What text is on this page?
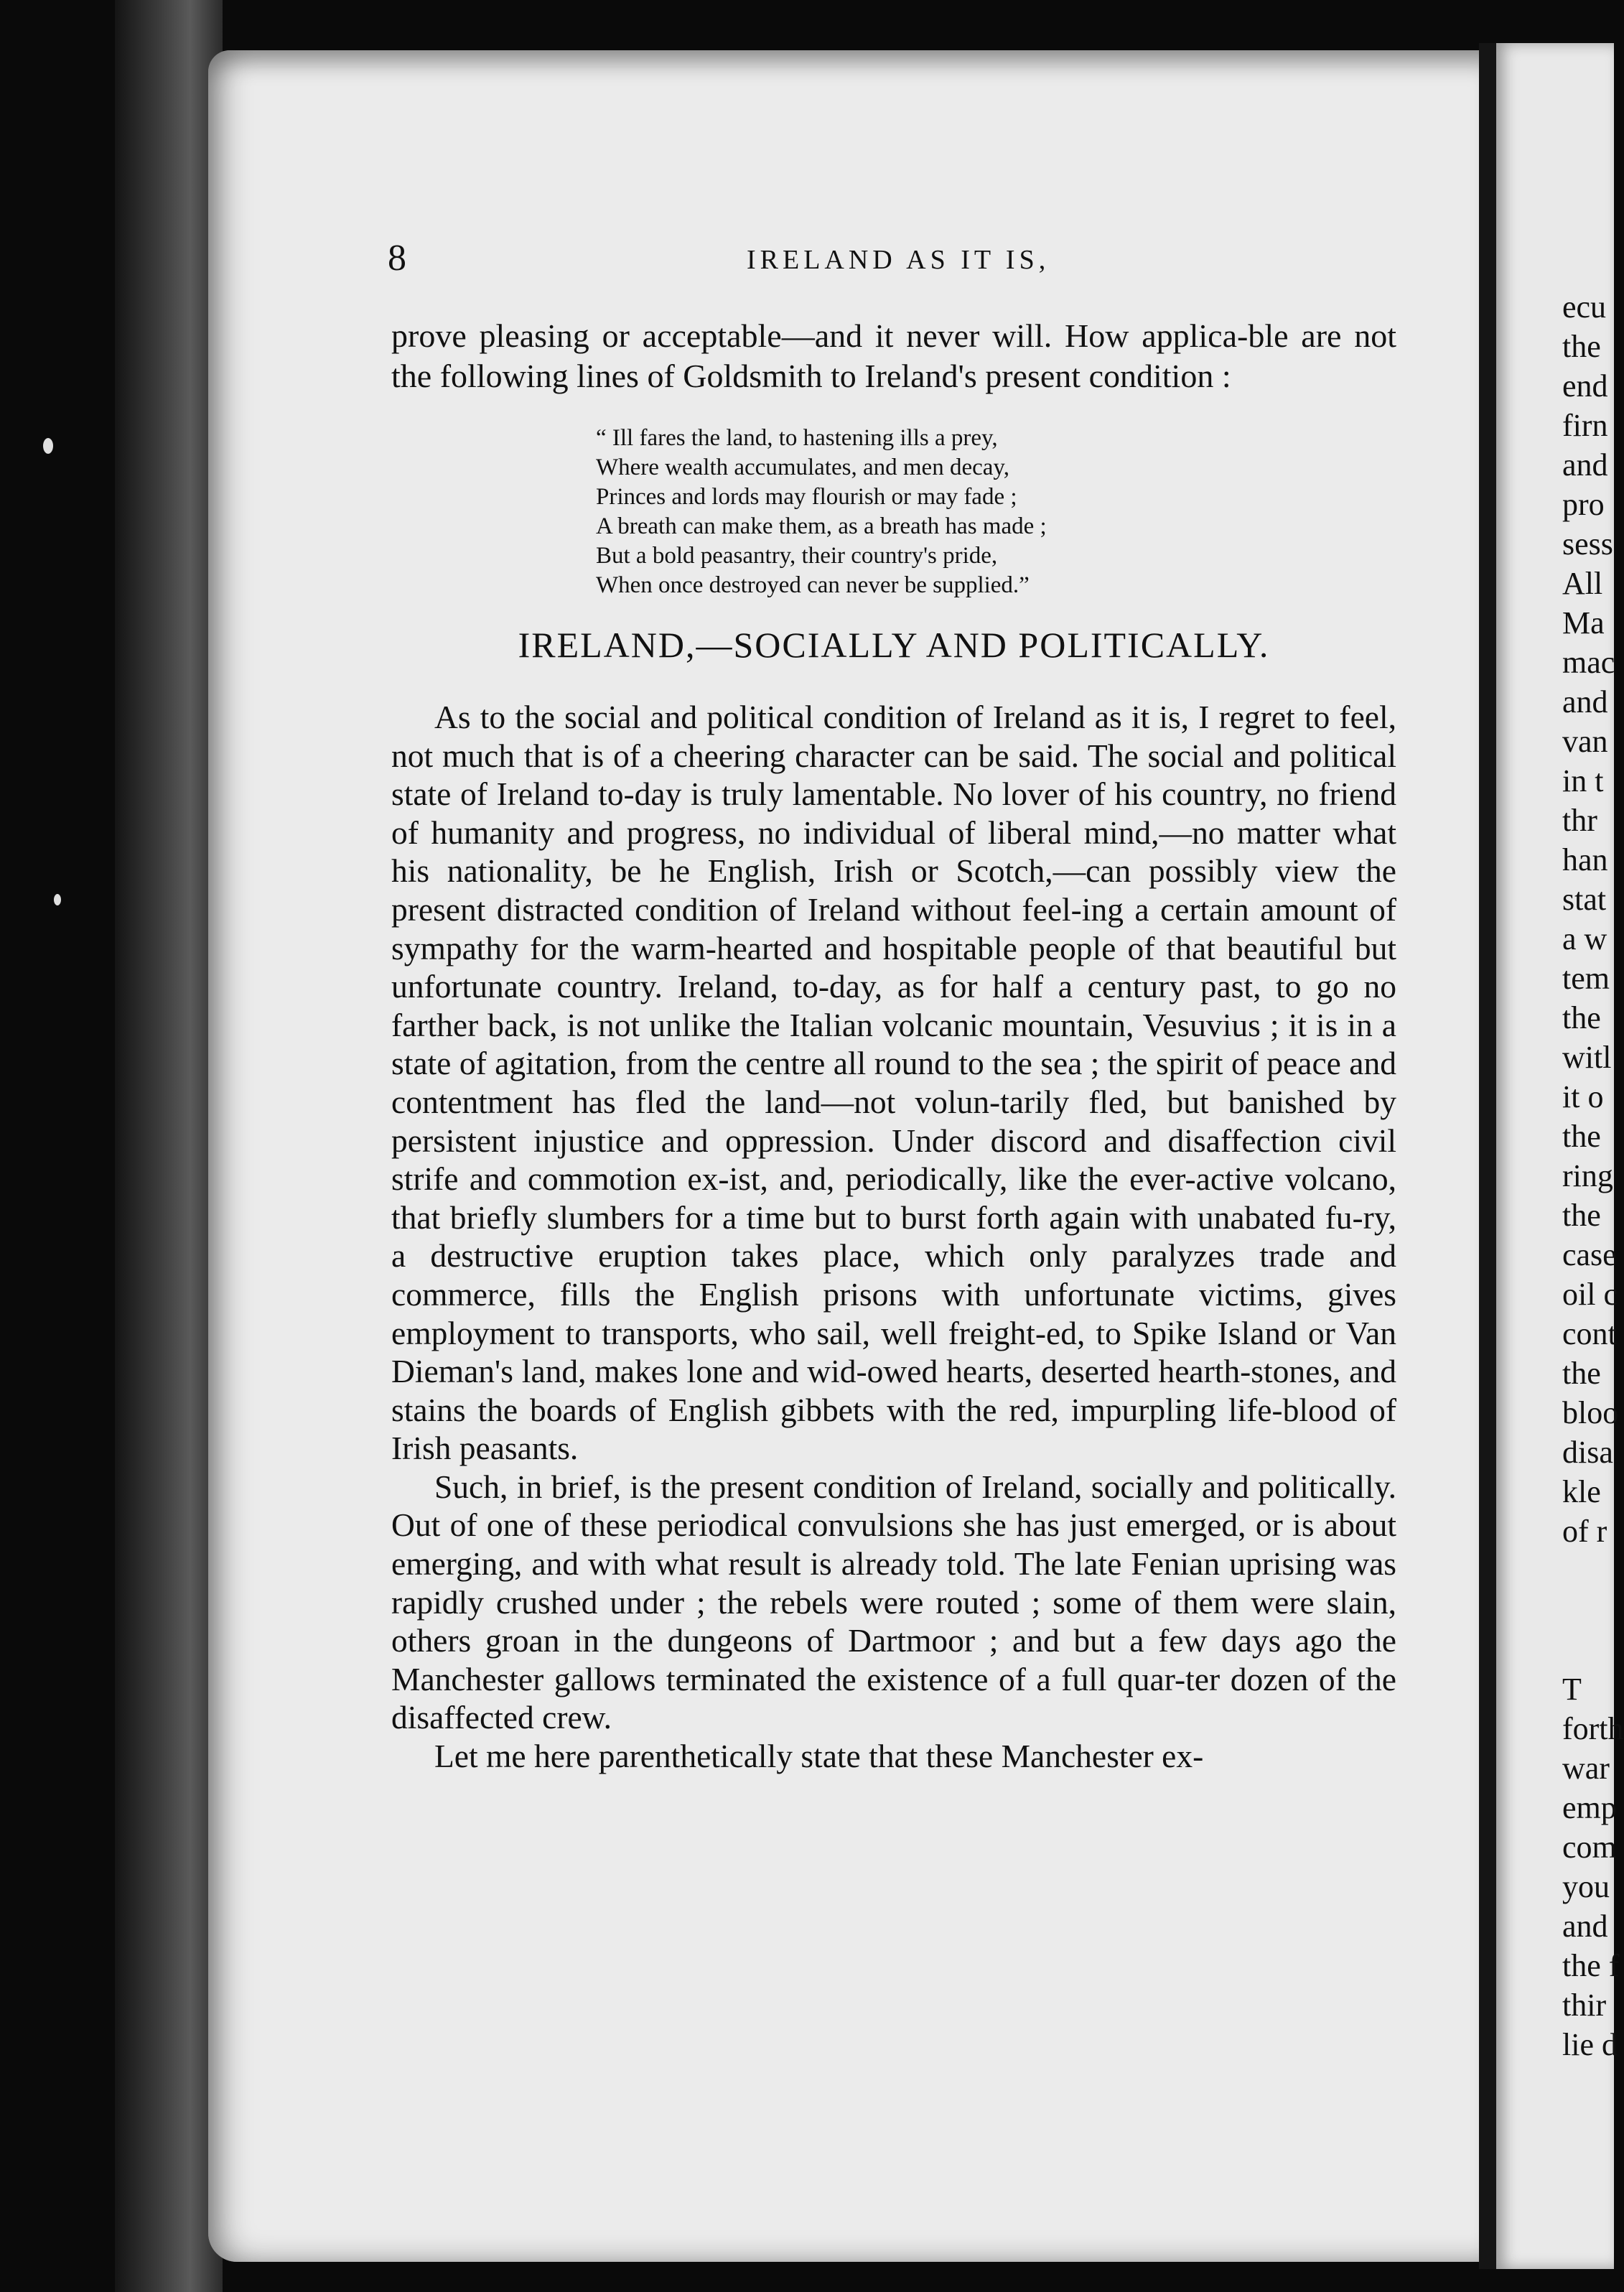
8	IRELAND AS IT IS,

prove pleasing or acceptable—and it never will. How applica-ble are not the following lines of Goldsmith to Ireland's present condition :

“ Ill fares the land, to hastening ills a prey,
Where wealth accumulates, and men decay,
Princes and lords may flourish or may fade ;
A breath can make them, as a breath has made ;
But a bold peasantry, their country's pride,
When once destroyed can never be supplied.”
IRELAND,—SOCIALLY AND POLITICALLY.

As to the social and political condition of Ireland as it is, I regret to feel, not much that is of a cheering character can be said. The social and political state of Ireland to-day is truly lamentable. No lover of his country, no friend of humanity and progress, no individual of liberal mind,—no matter what his nationality, be he English, Irish or Scotch,—can possibly view the present distracted condition of Ireland without feel-ing a certain amount of sympathy for the warm-hearted and hospitable people of that beautiful but unfortunate country. Ireland, to-day, as for half a century past, to go no farther back, is not unlike the Italian volcanic mountain, Vesuvius ; it is in a state of agitation, from the centre all round to the sea ; the spirit of peace and contentment has fled the land—not volun-tarily fled, but banished by persistent injustice and oppression. Under discord and disaffection civil strife and commotion ex-ist, and, periodically, like the ever-active volcano, that briefly slumbers for a time but to burst forth again with unabated fu-ry, a destructive eruption takes place, which only paralyzes trade and commerce, fills the English prisons with unfortunate victims, gives employment to transports, who sail, well freight-ed, to Spike Island or Van Dieman's land, makes lone and wid-owed hearts, deserted hearth-stones, and stains the boards of English gibbets with the red, impurpling life-blood of Irish peasants.

Such, in brief, is the present condition of Ireland, socially and politically. Out of one of these periodical convulsions she has just emerged, or is about emerging, and with what result is already told. The late Fenian uprising was rapidly crushed under ; the rebels were routed ; some of them were slain, others groan in the dungeons of Dartmoor ; and but a few days ago the Manchester gallows terminated the existence of a full quar-ter dozen of the disaffected crew.

Let me here parenthetically state that these Manchester ex-

ecu
the
end
firn
and
pro
sess
All
Ma
mac
and
van
in t
thr
han
stat
a w
tem
the
witl
it o
the
ring
the
case
oil c
cont
the
bloo
disa
kle
of r
T
forth
war
emp
com
you
and
the f
thir
lie d
